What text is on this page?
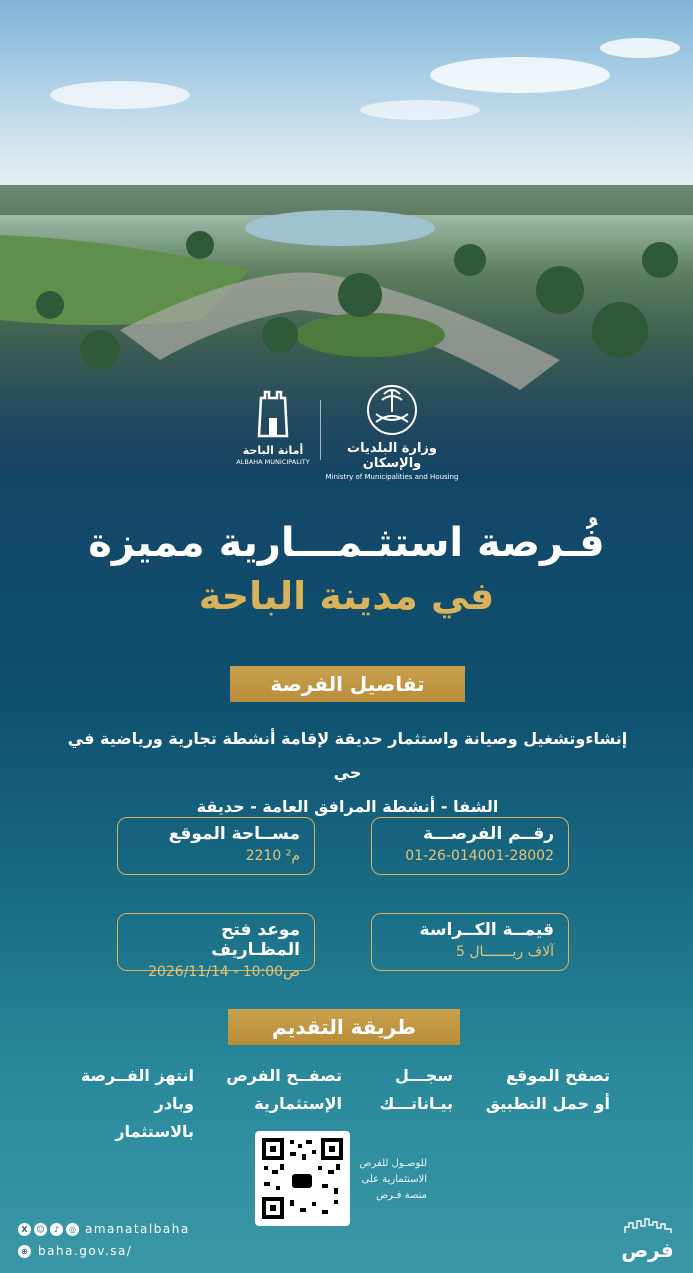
وزارة البلديات والإسكان
Ministry of Municipalities and Housing
أمانة الباحة
ALBAHA MUNICIPALITY
فُـرصة استثـمـــارية مميزة
في مدينة الباحة
تفاصيل الفرصة
إنشاءوتشغيل وصيانة واستثمار حديقة لإقامة أنشطة تجارية ورياضية في حي
الشفا - أنشطة المرافق العامة - حديقة
رقــم الفرصـــة
01-26-014001-28002
مســاحة الموقع
2210 م²
قيمــة الكــراسة
5 آلاف ريـــــــال
موعد فتح المظـاريف
2026/11/14 - 10:00ص
طريقة التقديم
تصفح الموقع
أو حمل التطبيق
سجـــل
بيـاناتـــك
تصفــح الفرص
الإستثمارية
انتهز الفــرصة
وبادر بالاستثمار
للوصـول للفرص
الاستثمارية على
منصة فـرص
X	☺	♪	◎ amanatalbaha
⊕ baha.gov.sa/	فرص
